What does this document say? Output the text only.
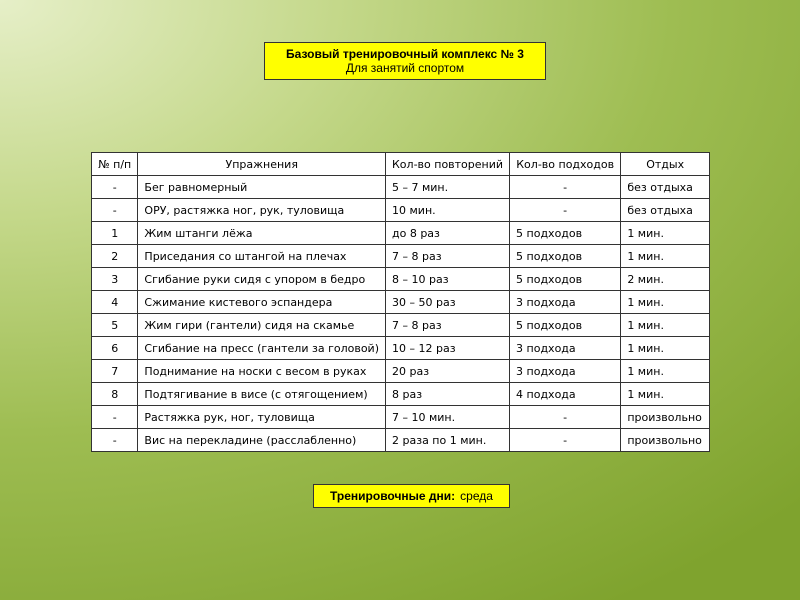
Базовый тренировочный комплекс № 3
Для занятий спортом
№ п/п	Упражнения	Кол-во повторений	Кол-во подходов	Отдых
-	Бег равномерный	5 – 7 мин.	-	без отдыха
-	ОРУ, растяжка ног, рук, туловища	10 мин.	-	без отдыха
1	Жим штанги лёжа	до 8 раз	5 подходов	1 мин.
2	Приседания со штангой на плечах	7 – 8 раз	5 подходов	1 мин.
3	Сгибание руки сидя с упором в бедро	8 – 10 раз	5 подходов	2 мин.
4	Сжимание кистевого эспандера	30 – 50 раз	3 подхода	1 мин.
5	Жим гири (гантели) сидя на скамье	7 – 8 раз	5 подходов	1 мин.
6	Сгибание на пресс (гантели за головой)	10 – 12 раз	3 подхода	1 мин.
7	Поднимание на носки с весом в руках	20 раз	3 подхода	1 мин.
8	Подтягивание в висе (с отягощением)	8 раз	4 подхода	1 мин.
-	Растяжка рук, ног, туловища	7 – 10 мин.	-	произвольно
-	Вис на перекладине (расслабленно)	2 раза по 1 мин.	-	произвольно
Тренировочные дни: среда
